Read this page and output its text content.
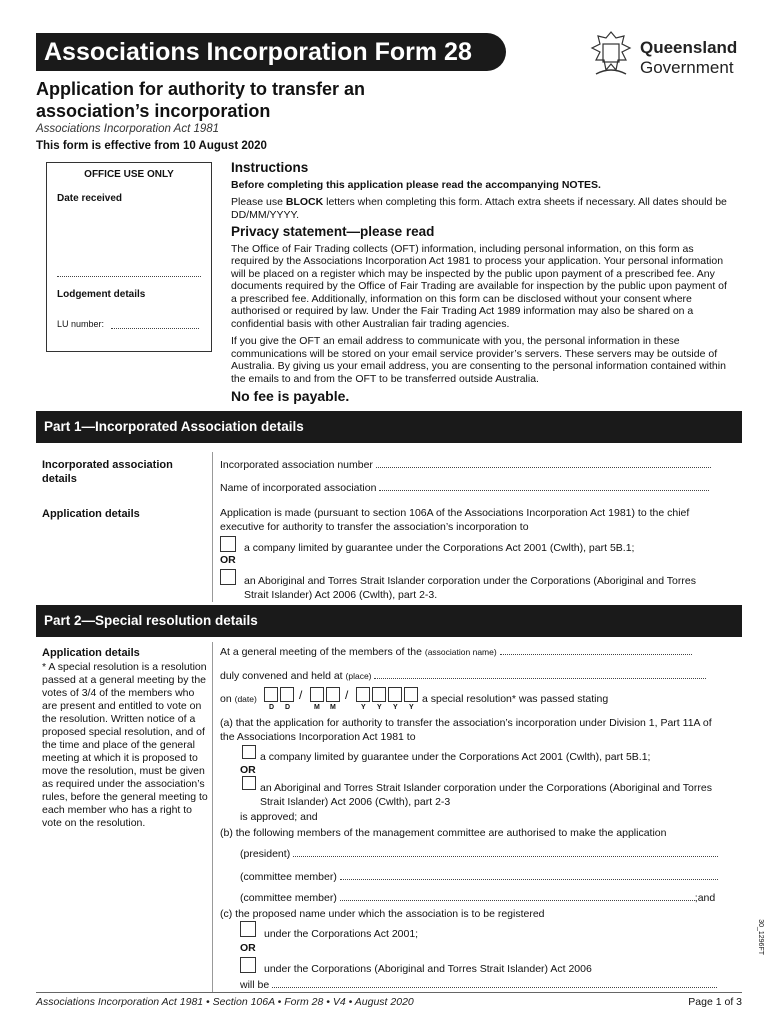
Associations Incorporation Form 28
Application for authority to transfer an association’s incorporation
Associations Incorporation Act 1981
This form is effective from 10 August 2020
Queensland
Government
OFFICE USE ONLY
Date received
Lodgement details
LU number:
Instructions

Before completing this application please read the accompanying NOTES.

Please use BLOCK letters when completing this form. Attach extra sheets if necessary. All dates should be DD/MM/YYYY.

Privacy statement—please read

The Office of Fair Trading collects (OFT) information, including personal information, on this form as required by the Associations Incorporation Act 1981 to process your application. Your personal information will be placed on a register which may be inspected by the public upon payment of a prescribed fee. Any documents required by the Office of Fair Trading are available for inspection by the public upon payment of a prescribed fee. Additionally, information on this form can be disclosed without your consent where authorised or required by law. Under the Fair Trading Act 1989 information may also be shared on a confidential basis with other Australian fair trading agencies.

If you give the OFT an email address to communicate with you, the personal information in these communications will be stored on your email service provider’s servers. These servers may be outside of Australia. By giving us your email address, you are consenting to the personal information contained within the emails to and from the OFT to be transferred outside Australia.

No fee is payable.
Part 1—Incorporated Association details
Incorporated association details
Incorporated association number
Name of incorporated association
Application details	Application is made (pursuant to section 106A of the Associations Incorporation Act 1981) to the chief executive for authority to transfer the association’s incorporation to
a company limited by guarantee under the Corporations Act 2001 (Cwlth), part 5B.1;
OR
an Aboriginal and Torres Strait Islander corporation under the Corporations (Aboriginal and Torres Strait Islander) Act 2006 (Cwlth), part 2-3.
Part 2—Special resolution details
Application details
* A special resolution is a resolution passed at a general meeting by the votes of 3/4 of the members who are present and entitled to vote on the resolution. Written notice of a proposed special resolution, and of the time and place of the general meeting at which it is proposed to move the resolution, must be given as required under the association’s rules, before the general meeting to each member who has a right to vote on the resolution.
At a general meeting of the members of the (association name)
duly convened and held at (place)
on (date)	/	/
D D	M M	Y Y Y Y
a special resolution* was passed stating
(a) that the application for authority to transfer the association’s incorporation under Division 1, Part 11A of the Associations Incorporation Act 1981 to
a company limited by guarantee under the Corporations Act 2001 (Cwlth), part 5B.1;
OR
an Aboriginal and Torres Strait Islander corporation under the Corporations (Aboriginal and Torres Strait Islander) Act 2006 (Cwlth), part 2-3
is approved; and
(b) the following members of the management committee are authorised to make the application
(president)
(committee member)
(committee member)	;and
(c) the proposed name under which the association is to be registered
under the Corporations Act 2001;
OR
under the Corporations (Aboriginal and Torres Strait Islander) Act 2006
will be
30_1296FT
Associations Incorporation Act 1981 • Section 106A • Form 28 • V4 • August 2020	Page 1 of 3
